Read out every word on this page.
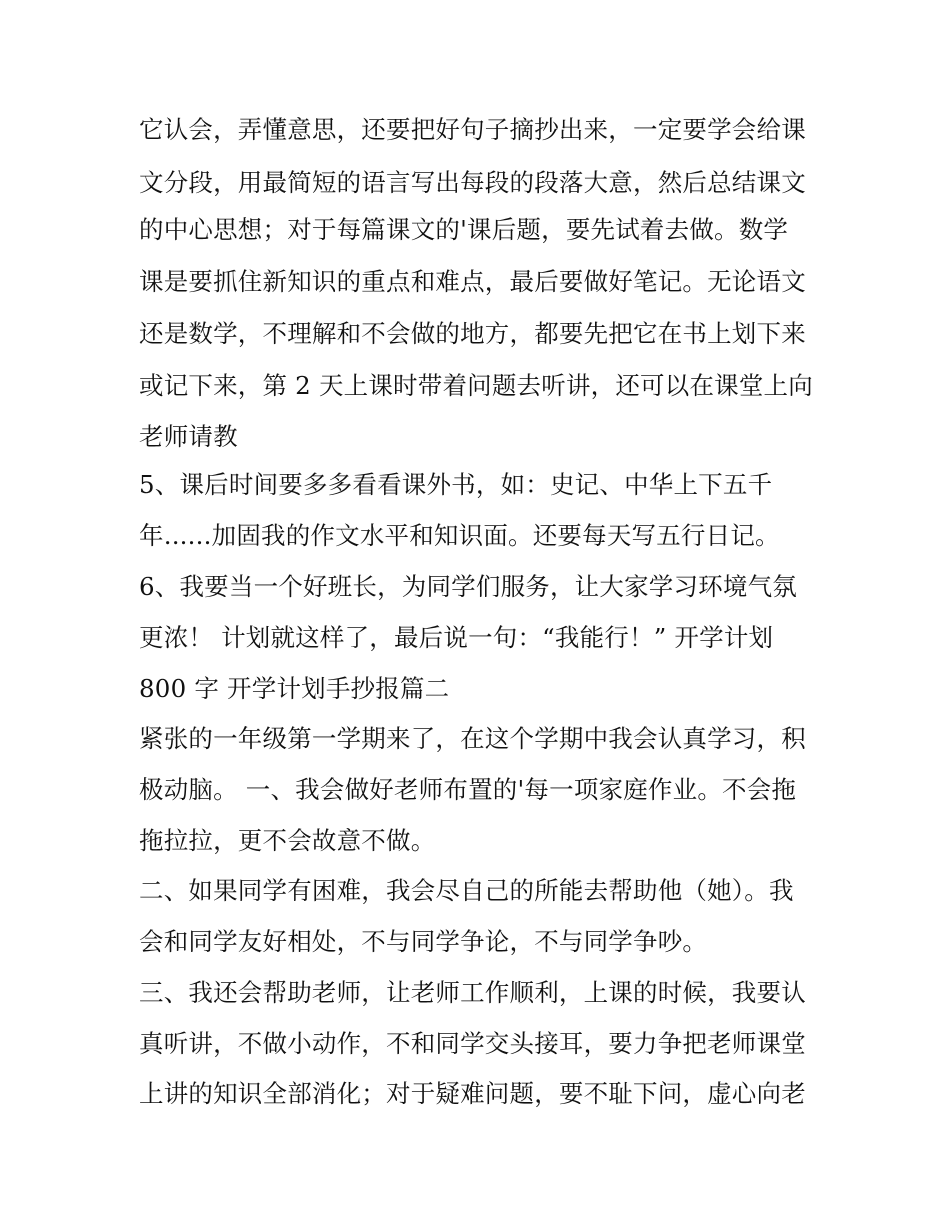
它认会，弄懂意思，还要把好句子摘抄出来，一定要学会给课
文分段，用最简短的语言写出每段的段落大意，然后总结课文
的中心思想；对于每篇课文的'课后题，要先试着去做。数学
课是要抓住新知识的重点和难点，最后要做好笔记。无论语文
还是数学，不理解和不会做的地方，都要先把它在书上划下来
或记下来，第 2 天上课时带着问题去听讲，还可以在课堂上向
老师请教
5、课后时间要多多看看课外书，如：史记、中华上下五千
年......加固我的作文水平和知识面。还要每天写五行日记。
6、我要当一个好班长，为同学们服务，让大家学习环境气氛
更浓！ 计划就这样了，最后说一句：“我能行！” 开学计划
800 字 开学计划手抄报篇二
紧张的一年级第一学期来了，在这个学期中我会认真学习，积
极动脑。 一、我会做好老师布置的'每一项家庭作业。不会拖
拖拉拉，更不会故意不做。
二、如果同学有困难，我会尽自己的所能去帮助他（她）。我
会和同学友好相处，不与同学争论，不与同学争吵。
三、我还会帮助老师，让老师工作顺利，上课的时候，我要认
真听讲，不做小动作，不和同学交头接耳，要力争把老师课堂
上讲的知识全部消化；对于疑难问题，要不耻下问，虚心向老
